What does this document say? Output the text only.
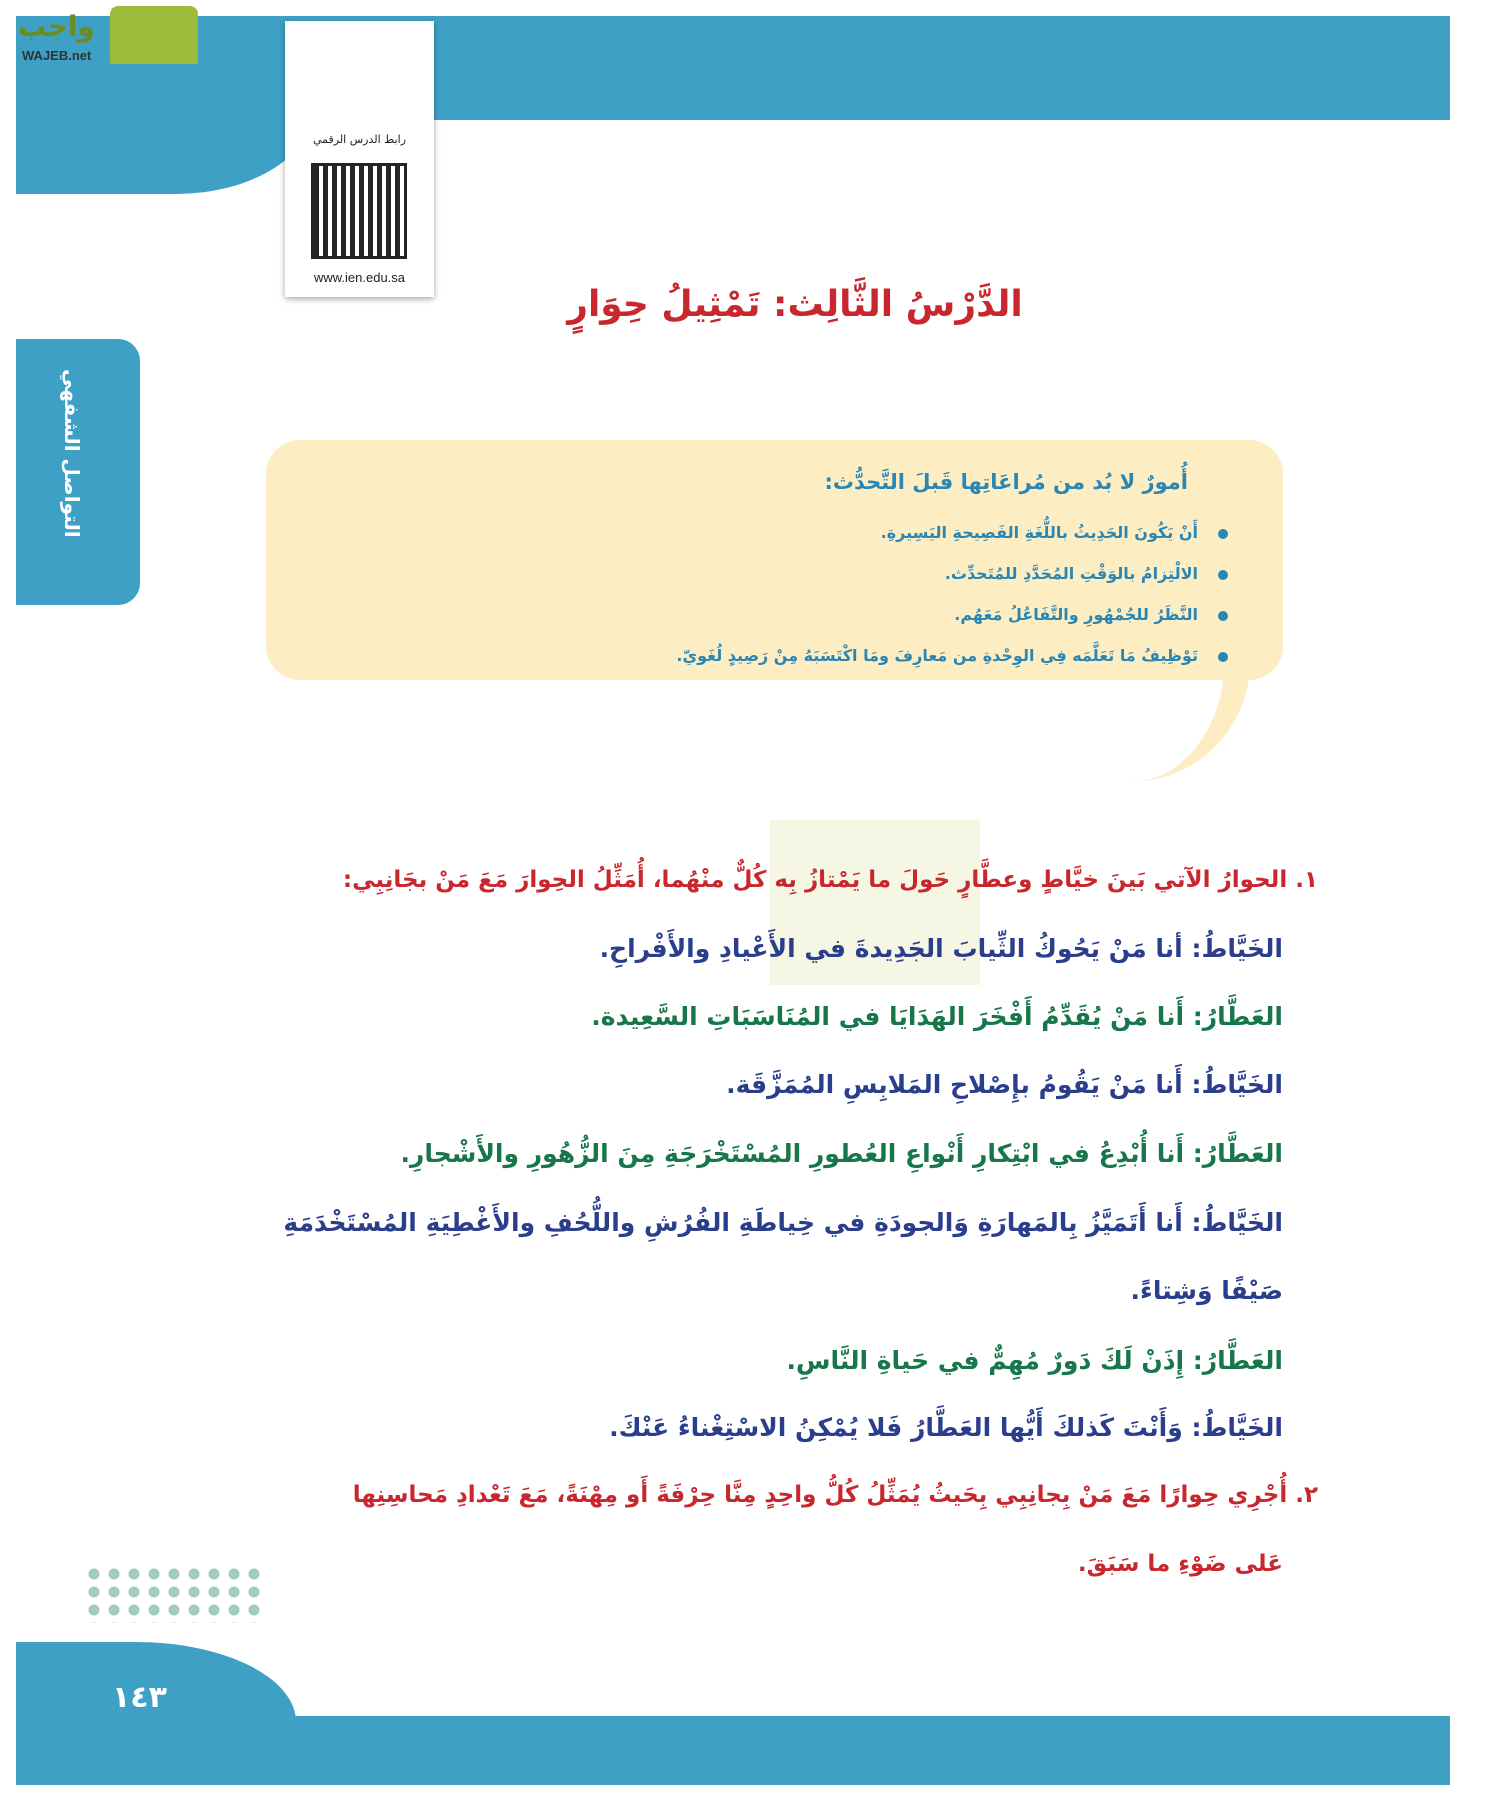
واجب
WAJEB.net
رابط الدرس الرقمي
www.ien.edu.sa
الدَّرْسُ الثَّالِث: تَمْثِيلُ حِوَارٍ
التواصل الشفهي	أُمورٌ لا بُد من مُراعَاتِها قَبلَ التَّحدُّث:
أَنْ يَكُونَ الحَدِيثُ باللُّغَةِ الفَصِيحةِ اليَسِيرةِ.
الالْتِزامُ بالوَقْتِ المُحَدَّدِ للمُتَحدِّث.
النَّظَرُ للجُمْهُورِ والتَّفَاعُلُ مَعَهُم.
تَوْظِيفُ مَا تَعَلَّمَه فِي الوِحْدةِ من مَعارِفَ ومَا اكْتَسَبَهُ مِنْ رَصِيدٍ لُغَويّ.
١. الحوارُ الآتي بَينَ خيَّاطٍ وعطَّارٍ حَولَ ما يَمْتازُ بِه كُلٌّ منْهُما، أُمَثِّلُ الحِوارَ مَعَ مَنْ بجَانِبِي:
الخَيَّاطُ: أنا مَنْ يَحُوكُ الثِّيابَ الجَدِيدةَ في الأَعْيادِ والأَفْراحِ.
العَطَّارُ: أَنا مَنْ يُقَدِّمُ أَفْخَرَ الهَدَايَا في المُنَاسَبَاتِ السَّعِيدة.
الخَيَّاطُ: أَنا مَنْ يَقُومُ بإِصْلاحِ المَلابِسِ المُمَزَّقَة.
العَطَّارُ: أَنا أُبْدِعُ في ابْتِكارِ أَنْواعِ العُطورِ المُسْتَخْرَجَةِ مِنَ الزُّهُورِ والأَشْجارِ.
الخَيَّاطُ: أَنا أَتَمَيَّزُ بِالمَهارَةِ وَالجودَةِ في خِياطَةِ الفُرُشِ واللُّحُفِ والأَغْطِيَةِ المُسْتَخْدَمَةِ
صَيْفًا وَشِتاءً.
العَطَّارُ: إِذَنْ لَكَ دَورٌ مُهِمٌّ في حَياةِ النَّاسِ.
الخَيَّاطُ: وَأَنْتَ كَذلكَ أَيُّها العَطَّارُ فَلا يُمْكِنُ الاسْتِغْناءُ عَنْكَ.
٢. أُجْرِي حِوارًا مَعَ مَنْ بِجانِبِي بِحَيثُ يُمَثِّلُ كُلُّ واحِدٍ مِنَّا حِرْفَةً أَو مِهْنَةً، مَعَ تَعْدادِ مَحاسِنِها
عَلى ضَوْءِ ما سَبَقَ.
١٤٣
